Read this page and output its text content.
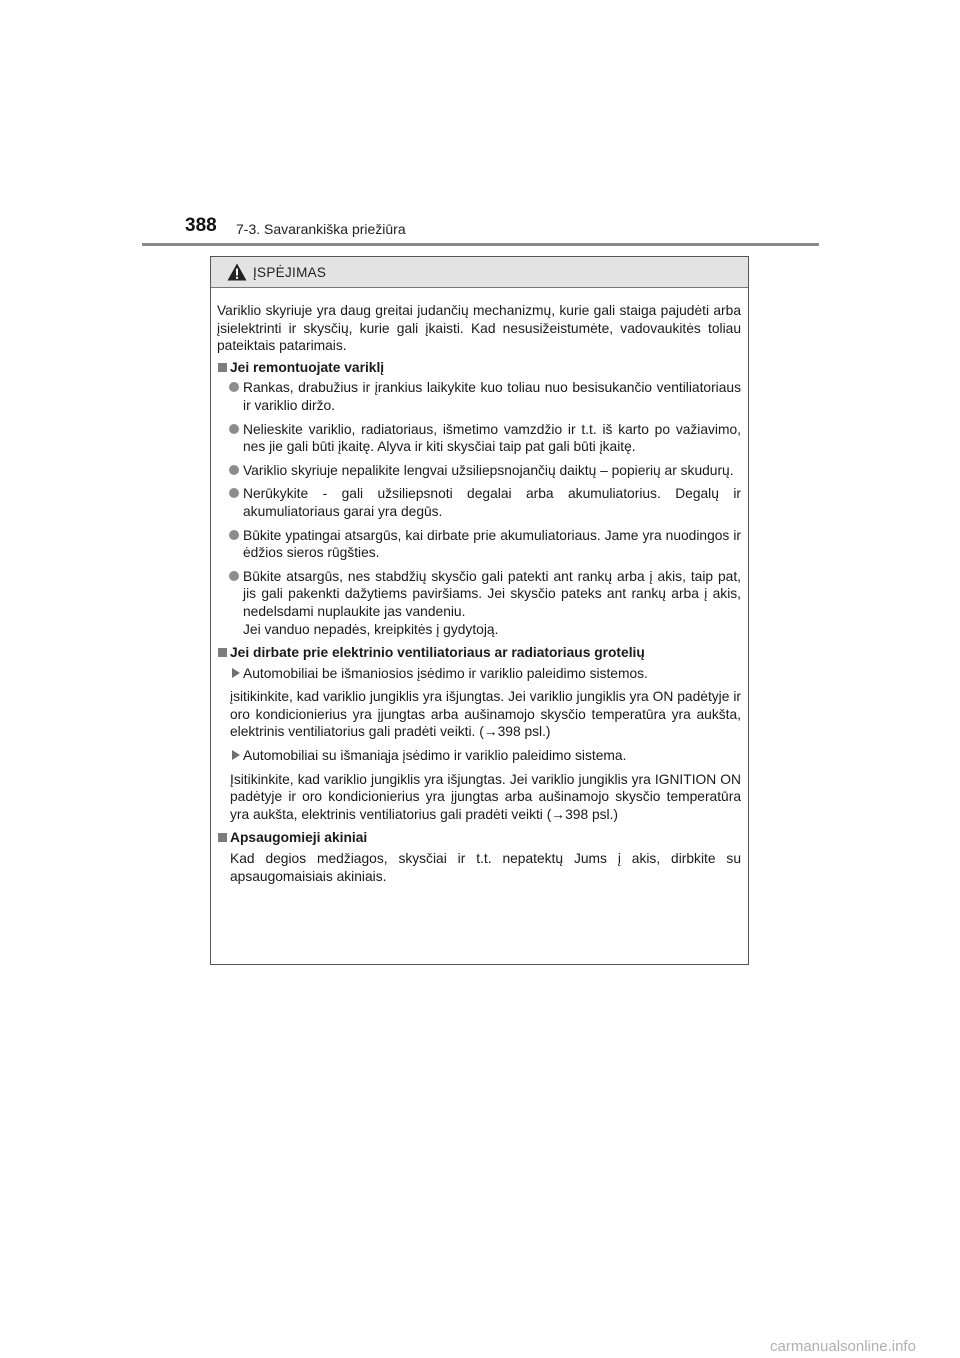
388 7-3. Savarankiška priežiūra
ĮSPĖJIMAS

Variklio skyriuje yra daug greitai judančių mechanizmų, kurie gali staiga pajudėti arba įsielektrinti ir skysčių, kurie gali įkaisti. Kad nesusižeistumėte, vadovaukitės toliau pateiktais patarimais.

Jei remontuojate variklį
Rankas, drabužius ir įrankius laikykite kuo toliau nuo besisukančio ventiliatoriaus ir variklio diržo.
Nelieskite variklio, radiatoriaus, išmetimo vamzdžio ir t.t. iš karto po važiavimo, nes jie gali būti įkaitę. Alyva ir kiti skysčiai taip pat gali būti įkaitę.
Variklio skyriuje nepalikite lengvai užsiliepsnojančių daiktų – popierių ar skudurų.
Nerūkykite - gali užsiliepsnoti degalai arba akumuliatorius. Degalų ir akumuliatoriaus garai yra degūs.
Būkite ypatingai atsargūs, kai dirbate prie akumuliatoriaus. Jame yra nuodingos ir ėdžios sieros rūgšties.
Būkite atsargūs, nes stabdžių skysčio gali patekti ant rankų arba į akis, taip pat, jis gali pakenkti dažytiems paviršiams. Jei skysčio pateks ant rankų arba į akis, nedelsdami nuplaukite jas vandeniu.
Jei vanduo nepadės, kreipkitės į gydytoją.
Jei dirbate prie elektrinio ventiliatoriaus ar radiatoriaus grotelių
Automobiliai be išmaniosios įsėdimo ir variklio paleidimo sistemos.

įsitikinkite, kad variklio jungiklis yra išjungtas. Jei variklio jungiklis yra ON padėtyje ir oro kondicionierius yra įjungtas arba aušinamojo skysčio temperatūra yra aukšta, elektrinis ventiliatorius gali pradėti veikti. (→398 psl.)

Automobiliai su išmaniąja įsėdimo ir variklio paleidimo sistema.

Įsitikinkite, kad variklio jungiklis yra išjungtas. Jei variklio jungiklis yra IGNITION ON padėtyje ir oro kondicionierius yra įjungtas arba aušinamojo skysčio temperatūra yra aukšta, elektrinis ventiliatorius gali pradėti veikti (→398 psl.)

Apsaugomieji akiniai

Kad degios medžiagos, skysčiai ir t.t. nepatektų Jums į akis, dirbkite su apsaugomaisiais akiniais.

carmanualsonline.info
